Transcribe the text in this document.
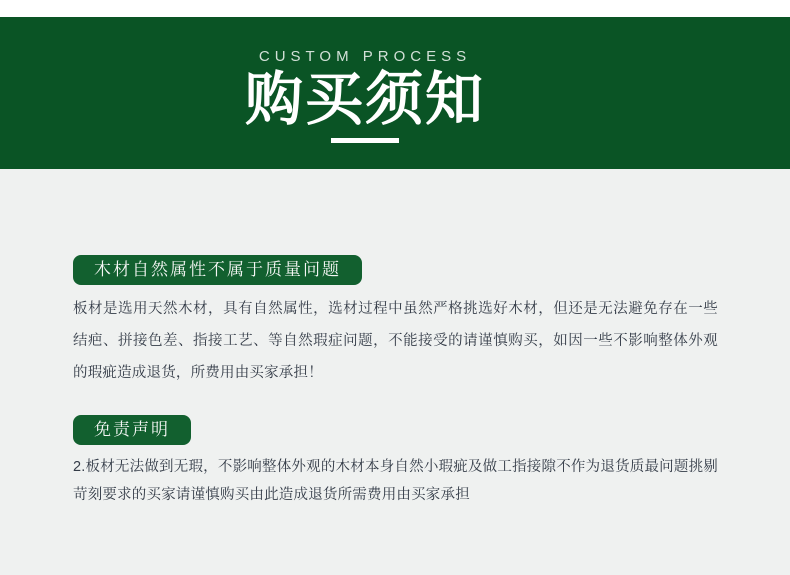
CUSTOM PROCESS
购买须知
木材自然属性不属于质量问题

板材是选用天然木材，具有自然属性，选材过程中虽然严格挑选好木材，但还是无法避免存在一些结疤、拼接色差、指接工艺、等自然瑕症问题，不能接受的请谨慎购买，如因一些不影响整体外观的瑕疵造成退货，所费用由买家承担！

免责声明

2.板材无法做到无瑕，不影响整体外观的木材本身自然小瑕疵及做工指接隙不作为退货质最问题挑剔苛刻要求的买家请谨慎购买由此造成退货所需费用由买家承担
